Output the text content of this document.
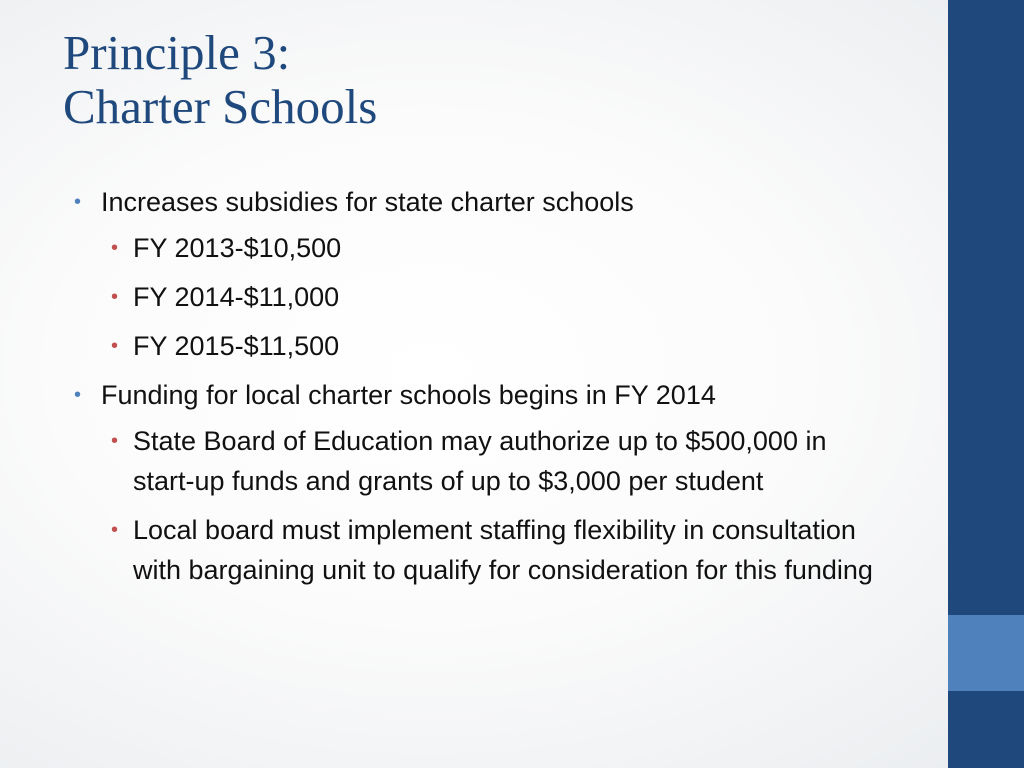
Principle 3:
Charter Schools
• Increases subsidies for state charter schools
• FY 2013-$10,500
• FY 2014-$11,000
• FY 2015-$11,500
• Funding for local charter schools begins in FY 2014
• State Board of Education may authorize up to $500,000 in start-up funds and grants of up to $3,000 per student
• Local board must implement staffing flexibility in consultation with bargaining unit to qualify for consideration for this funding
